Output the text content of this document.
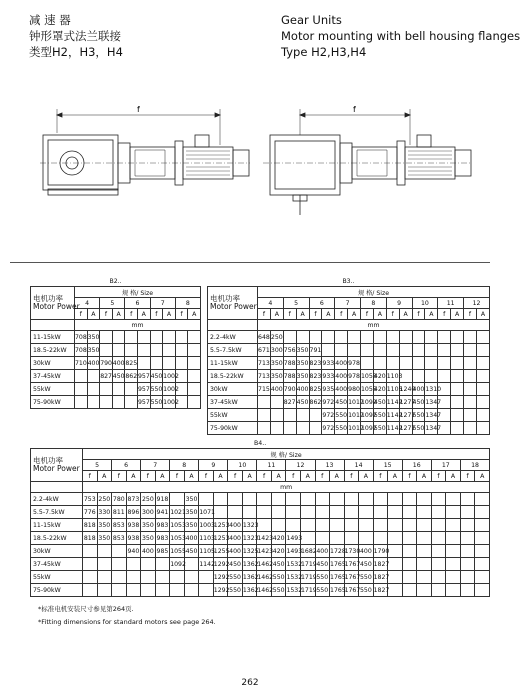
减 速 器
钟形罩式法兰联接
类型H2，H3，H4
Gear Units
Motor mounting with bell housing flanges
Type H2,H3,H4
f	f
B2..										

电机功率
Motor Power	规 格/ Size									
	4		5		6		7		8	
	f	A	f	A	f	A	f	A	f	A
	mm									
11-15kW	708	350								
18.5-22kW	708	350								
30kW	710	400	790	400	825					
37-45kW			827	450	862	957	450	1002		
55kW						957	550	1002		
75-90kW						957	550	1002		
B3..																		

电机功率
Motor Power	规 格/ Size																	
	4		5		6		7		8		9		10		11		12	
	f	A	f	A	f	A	f	A	f	A	f	A	f	A	f	A	f	A
	mm																	
2.2-4kW	648	250																
5.5-7.5kW	671	300	756	350	791													
11-15kW	713	350	788	350	823	933	400	978										
18.5-22kW	713	350	788	350	823	933	400	978	1053	420	1103							
30kW	715	400	790	400	825	935	400	980	1055	420	1105	1240	400	1310				
37-45kW			827	450	862	972	450	1017	1092	450	1142	1277	450	1347				
55kW						972	550	1017	1092	550	1142	1277	550	1347				
75-90kW						972	550	1017	1092	550	1142	1277	550	1347				
B4..																												

电机功率
Motor Power	规 格/ Size																											
	5		6		7		8		9		10		11		12		13		14		15		16		17		18	
	f	A	f	A	f	A	f	A	f	A	f	A	f	A	f	A	f	A	f	A	f	A	f	A	f	A	f	A
	mm																											
2.2-4kW	753	250	780	873	250	918		350																				
5.5-7.5kW	776	330	811	896	300	941	1021	350	1071																			
11-15kW	818	350	853	938	350	983	1053	350	1003	1253	400	1323																
18.5-22kW	818	350	853	938	350	983	1053	400	1103	1253	400	1323	1423	420	1493													
30kW				940	400	985	1055	450	1105	1255	400	1325	1423	420	1493	1682	400	1728	1730	400	1790							
37-45kW							1092		1142	1292	450	1362	1462	450	1532	1719	450	1765	1767	450	1827							
55kW										1292	550	1362	1462	550	1532	1719	550	1765	1767	550	1827							
75-90kW										1292	550	1362	1462	550	1532	1719	550	1765	1767	550	1827							
*标准电机安装尺寸参见第264页.
*Fitting dimensions for standard motors see page 264.
262
